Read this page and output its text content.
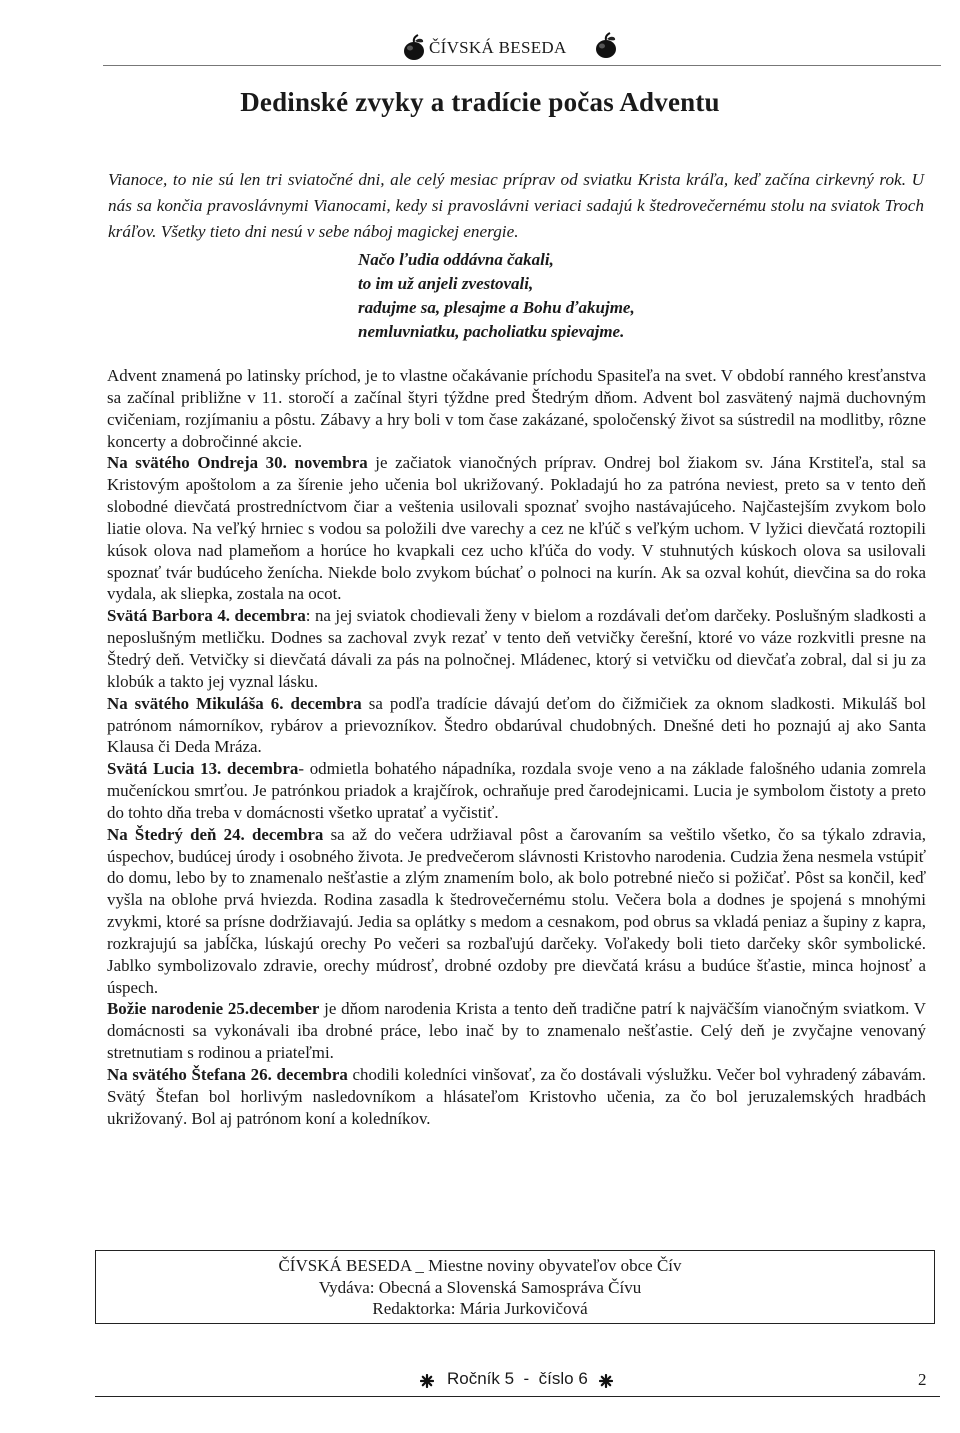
ČÍVSKÁ BESEDA
Dedinské zvyky a tradície počas Adventu

Vianoce, to nie sú len tri sviatočné dni, ale celý mesiac príprav od sviatku Krista kráľa, keď začína cirkevný rok. U nás sa končia pravoslávnymi Vianocami, kedy si pravoslávni veriaci sadajú k štedrovečernému stolu na sviatok Troch kráľov. Všetky tieto dni nesú v sebe náboj magickej energie.

Načo ľudia oddávna čakali,
to im už anjeli zvestovali,
radujme sa, plesajme a Bohu ďakujme,
nemluvniatku, pacholiatku spievajme.

Advent znamená po latinsky príchod, je to vlastne očakávanie príchodu Spasiteľa na svet. V období ranného kresťanstva sa začínal približne v 11. storočí a začínal štyri týždne pred Štedrým dňom. Advent bol zasvätený najmä duchovným cvičeniam, rozjímaniu a pôstu. Zábavy a hry boli v tom čase zakázané, spoločenský život sa sústredil na modlitby, rôzne koncerty a dobročinné akcie.

Na svätého Ondreja 30. novembra je začiatok vianočných príprav. Ondrej bol žiakom sv. Jána Krstiteľa, stal sa Kristovým apoštolom a za šírenie jeho učenia bol ukrižovaný. Pokladajú ho za patróna neviest, preto sa v tento deň slobodné dievčatá prostredníctvom čiar a veštenia usilovali spoznať svojho nastávajúceho. Najčastejším zvykom bolo liatie olova. Na veľký hrniec s vodou sa položili dve varechy a cez ne kľúč s veľkým uchom. V lyžici dievčatá roztopili kúsok olova nad plameňom a horúce ho kvapkali cez ucho kľúča do vody. V stuhnutých kúskoch olova sa usilovali spoznať tvár budúceho ženícha. Niekde bolo zvykom búchať o polnoci na kurín. Ak sa ozval kohút, dievčina sa do roka vydala, ak sliepka, zostala na ocot.

Svätá Barbora 4. decembra: na jej sviatok chodievali ženy v bielom a rozdávali deťom darčeky. Poslušným sladkosti a neposlušným metličku. Dodnes sa zachoval zvyk rezať v tento deň vetvičky čerešní, ktoré vo váze rozkvitli presne na Štedrý deň. Vetvičky si dievčatá dávali za pás na polnočnej. Mládenec, ktorý si vetvičku od dievčaťa zobral, dal si ju za klobúk a takto jej vyznal lásku.

Na svätého Mikuláša 6. decembra sa podľa tradície dávajú deťom do čižmičiek za oknom sladkosti. Mikuláš bol patrónom námorníkov, rybárov a prievozníkov. Štedro obdarúval chudobných. Dnešné deti ho poznajú aj ako Santa Klausa či Deda Mráza.

Svätá Lucia 13. decembra- odmietla bohatého nápadníka, rozdala svoje veno a na základe falošného udania zomrela mučeníckou smrťou. Je patrónkou priadok a krajčírok, ochraňuje pred čarodejnicami. Lucia je symbolom čistoty a preto do tohto dňa treba v domácnosti všetko upratať a vyčistiť.

Na Štedrý deň 24. decembra sa až do večera udržiaval pôst a čarovaním sa veštilo všetko, čo sa týkalo zdravia, úspechov, budúcej úrody i osobného života. Je predvečerom slávnosti Kristovho narodenia. Cudzia žena nesmela vstúpiť do domu, lebo by to znamenalo nešťastie a zlým znamením bolo, ak bolo potrebné niečo si požičať. Pôst sa končil, keď vyšla na oblohe prvá hviezda. Rodina zasadla k štedrovečernému stolu. Večera bola a dodnes je spojená s mnohými zvykmi, ktoré sa prísne dodržiavajú. Jedia sa oplátky s medom a cesnakom, pod obrus sa vkladá peniaz a šupiny z kapra, rozkrajujú sa jabĺčka, lúskajú orechy Po večeri sa rozbaľujú darčeky. Voľakedy boli tieto darčeky skôr symbolické. Jablko symbolizovalo zdravie, orechy múdrosť, drobné ozdoby pre dievčatá krásu a budúce šťastie, minca hojnosť a úspech.

Božie narodenie 25.december je dňom narodenia Krista a tento deň tradične patrí k najväčším vianočným sviatkom. V domácnosti sa vykonávali iba drobné práce, lebo inač by to znamenalo nešťastie. Celý deň je zvyčajne venovaný stretnutiam s rodinou a priateľmi.

Na svätého Štefana 26. decembra chodili koledníci vinšovať, za čo dostávali výslužku. Večer bol vyhradený zábavám. Svätý Štefan bol horlivým nasledovníkom a hlásateľom Kristovho učenia, za čo bol jeruzalemských hradbách ukrižovaný. Bol aj patrónom koní a koledníkov.

ČÍVSKÁ BESEDA _ Miestne noviny obyvateľov obce Čív
Vydáva: Obecná a Slovenská Samospráva Čívu
Redaktorka: Mária Jurkovičová
Ročník 5  -  číslo 6	2
